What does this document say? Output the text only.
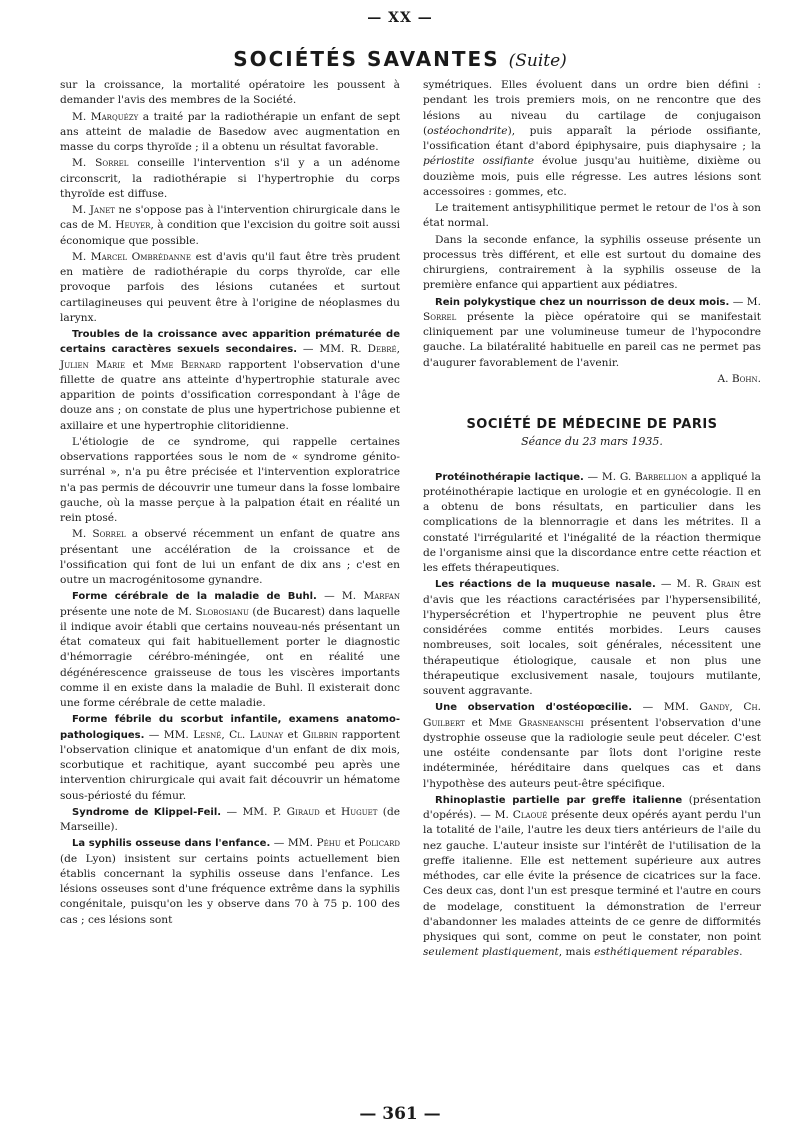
— XX —
SOCIÉTÉS SAVANTES (Suite)

sur la croissance, la mortalité opératoire les poussent à demander l'avis des membres de la Société.

M. Marquézy a traité par la radiothérapie un enfant de sept ans atteint de maladie de Basedow avec augmentation en masse du corps thyroïde ; il a obtenu un résultat favorable.

M. Sorrel conseille l'intervention s'il y a un adénome circonscrit, la radiothérapie si l'hypertrophie du corps thyroïde est diffuse.

M. Janet ne s'oppose pas à l'intervention chirurgicale dans le cas de M. Heuyer, à condition que l'excision du goitre soit aussi économique que possible.

M. Marcel Ombrédanne est d'avis qu'il faut être très prudent en matière de radiothérapie du corps thyroïde, car elle provoque parfois des lésions cutanées et surtout cartilagineuses qui peuvent être à l'origine de néoplasmes du larynx.

Troubles de la croissance avec apparition prématurée de certains caractères sexuels secondaires. — MM. R. Debré, Julien Marie et Mme Bernard rapportent l'observation d'une fillette de quatre ans atteinte d'hypertrophie staturale avec apparition de points d'ossification correspondant à l'âge de douze ans ; on constate de plus une hypertrichose pubienne et axillaire et une hypertrophie clitoridienne.

L'étiologie de ce syndrome, qui rappelle certaines observations rapportées sous le nom de « syndrome génito-surrénal », n'a pu être précisée et l'intervention exploratrice n'a pas permis de découvrir une tumeur dans la fosse lombaire gauche, où la masse perçue à la palpation était en réalité un rein ptosé.

M. Sorrel a observé récemment un enfant de quatre ans présentant une accélération de la croissance et de l'ossification qui font de lui un enfant de dix ans ; c'est en outre un macrogénitosome gynandre.

Forme cérébrale de la maladie de Buhl. — M. Marfan présente une note de M. Slobosianu (de Bucarest) dans laquelle il indique avoir établi que certains nouveau-nés présentant un état comateux qui fait habituellement porter le diagnostic d'hémorragie cérébro-méningée, ont en réalité une dégénérescence graisseuse de tous les viscères importants comme il en existe dans la maladie de Buhl. Il existerait donc une forme cérébrale de cette maladie.

Forme fébrile du scorbut infantile, examens anatomo-pathologiques. — MM. Lesné, Cl. Launay et Gilbrin rapportent l'observation clinique et anatomique d'un enfant de dix mois, scorbutique et rachitique, ayant succombé peu après une intervention chirurgicale qui avait fait découvrir un hématome sous-périosté du fémur.

Syndrome de Klippel-Feil. — MM. P. Giraud et Huguet (de Marseille).

La syphilis osseuse dans l'enfance. — MM. Péhu et Policard (de Lyon) insistent sur certains points actuellement bien établis concernant la syphilis osseuse dans l'enfance. Les lésions osseuses sont d'une fréquence extrême dans la syphilis congénitale, puisqu'on les y observe dans 70 à 75 p. 100 des cas ; ces lésions sont

symétriques. Elles évoluent dans un ordre bien défini : pendant les trois premiers mois, on ne rencontre que des lésions au niveau du cartilage de conjugaison (ostéochondrite), puis apparaît la période ossifiante, l'ossification étant d'abord épiphysaire, puis diaphysaire ; la périostite ossifiante évolue jusqu'au huitième, dixième ou douzième mois, puis elle régresse. Les autres lésions sont accessoires : gommes, etc.

Le traitement antisyphilitique permet le retour de l'os à son état normal.

Dans la seconde enfance, la syphilis osseuse présente un processus très différent, et elle est surtout du domaine des chirurgiens, contrairement à la syphilis osseuse de la première enfance qui appartient aux pédiatres.

Rein polykystique chez un nourrisson de deux mois. — M. Sorrel présente la pièce opératoire qui se manifestait cliniquement par une volumineuse tumeur de l'hypocondre gauche. La bilatéralité habituelle en pareil cas ne permet pas d'augurer favorablement de l'avenir.

A. Bohn.

SOCIÉTÉ DE MÉDECINE DE PARIS
Séance du 23 mars 1935.

Protéinothérapie lactique. — M. G. Barbellion a appliqué la protéinothérapie lactique en urologie et en gynécologie. Il en a obtenu de bons résultats, en particulier dans les complications de la blennorragie et dans les métrites. Il a constaté l'irrégularité et l'inégalité de la réaction thermique de l'organisme ainsi que la discordance entre cette réaction et les effets thérapeutiques.

Les réactions de la muqueuse nasale. — M. R. Grain est d'avis que les réactions caractérisées par l'hypersensibilité, l'hypersécrétion et l'hypertrophie ne peuvent plus être considérées comme entités morbides. Leurs causes nombreuses, soit locales, soit générales, nécessitent une thérapeutique étiologique, causale et non plus une thérapeutique exclusivement nasale, toujours mutilante, souvent aggravante.

Une observation d'ostéopœcilie. — MM. Gandy, Ch. Guilbert et Mme Grasneanschi présentent l'observation d'une dystrophie osseuse que la radiologie seule peut déceler. C'est une ostéite condensante par îlots dont l'origine reste indéterminée, héréditaire dans quelques cas et dans l'hypothèse des auteurs peut-être spécifique.

Rhinoplastie partielle par greffe italienne (présentation d'opérés). — M. Claoué présente deux opérés ayant perdu l'un la totalité de l'aile, l'autre les deux tiers antérieurs de l'aile du nez gauche. L'auteur insiste sur l'intérêt de l'utilisation de la greffe italienne. Elle est nettement supérieure aux autres méthodes, car elle évite la présence de cicatrices sur la face. Ces deux cas, dont l'un est presque terminé et l'autre en cours de modelage, constituent la démonstration de l'erreur d'abandonner les malades atteints de ce genre de difformités physiques qui sont, comme on peut le constater, non point seulement plastiquement, mais esthétiquement réparables.

— 361 —
